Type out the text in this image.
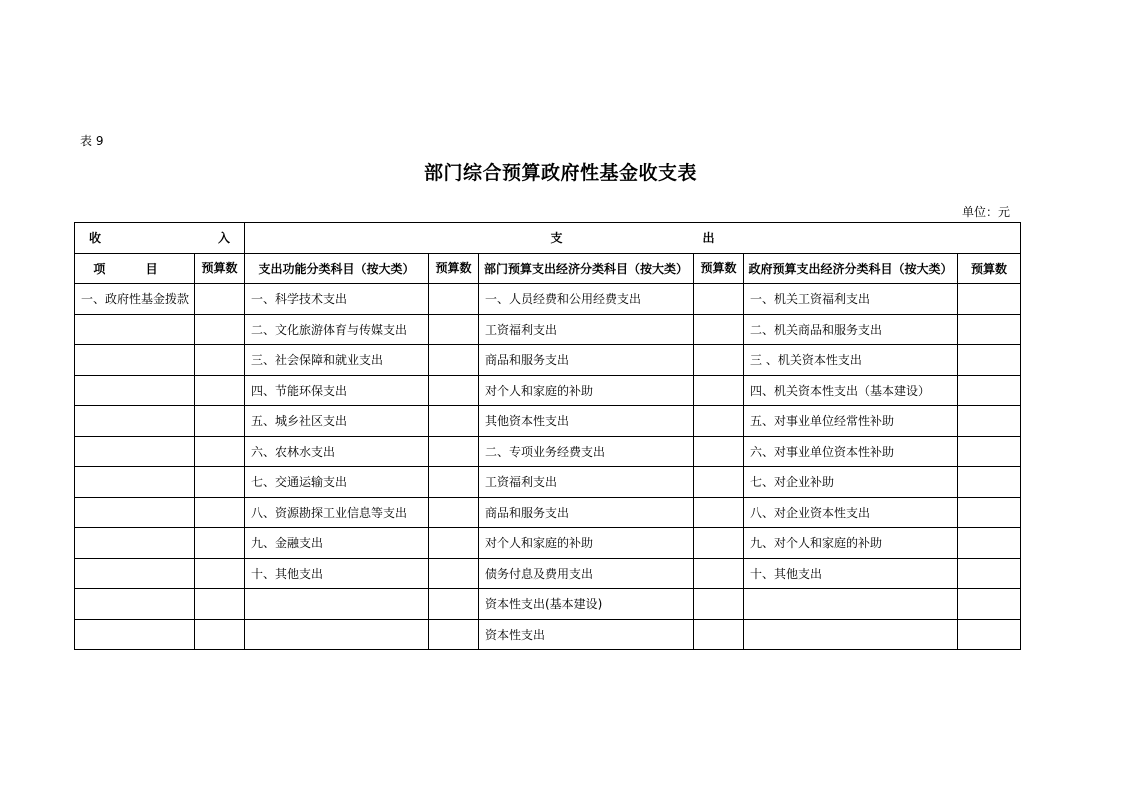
表 9
部门综合预算政府性基金收支表
单位：元
收 入		支 出					

项 目	预算数	支出功能分类科目（按大类）	预算数	部门预算支出经济分类科目（按大类）	预算数	政府预算支出经济分类科目（按大类）	预算数
一、政府性基金拨款		一、科学技术支出		一、人员经费和公用经费支出		一、机关工资福利支出	
		二、文化旅游体育与传媒支出		工资福利支出		二、机关商品和服务支出	
		三、社会保障和就业支出		商品和服务支出		三 、机关资本性支出	
		四、节能环保支出		对个人和家庭的补助		四、机关资本性支出（基本建设）	
		五、城乡社区支出		其他资本性支出		五、对事业单位经常性补助	
		六、农林水支出		二、专项业务经费支出		六、对事业单位资本性补助	
		七、交通运输支出		工资福利支出		七、对企业补助	
		八、资源勘探工业信息等支出		商品和服务支出		八、对企业资本性支出	
		九、金融支出		对个人和家庭的补助		九、对个人和家庭的补助	
		十、其他支出		债务付息及费用支出		十、其他支出	
				资本性支出(基本建设)			
				资本性支出			
